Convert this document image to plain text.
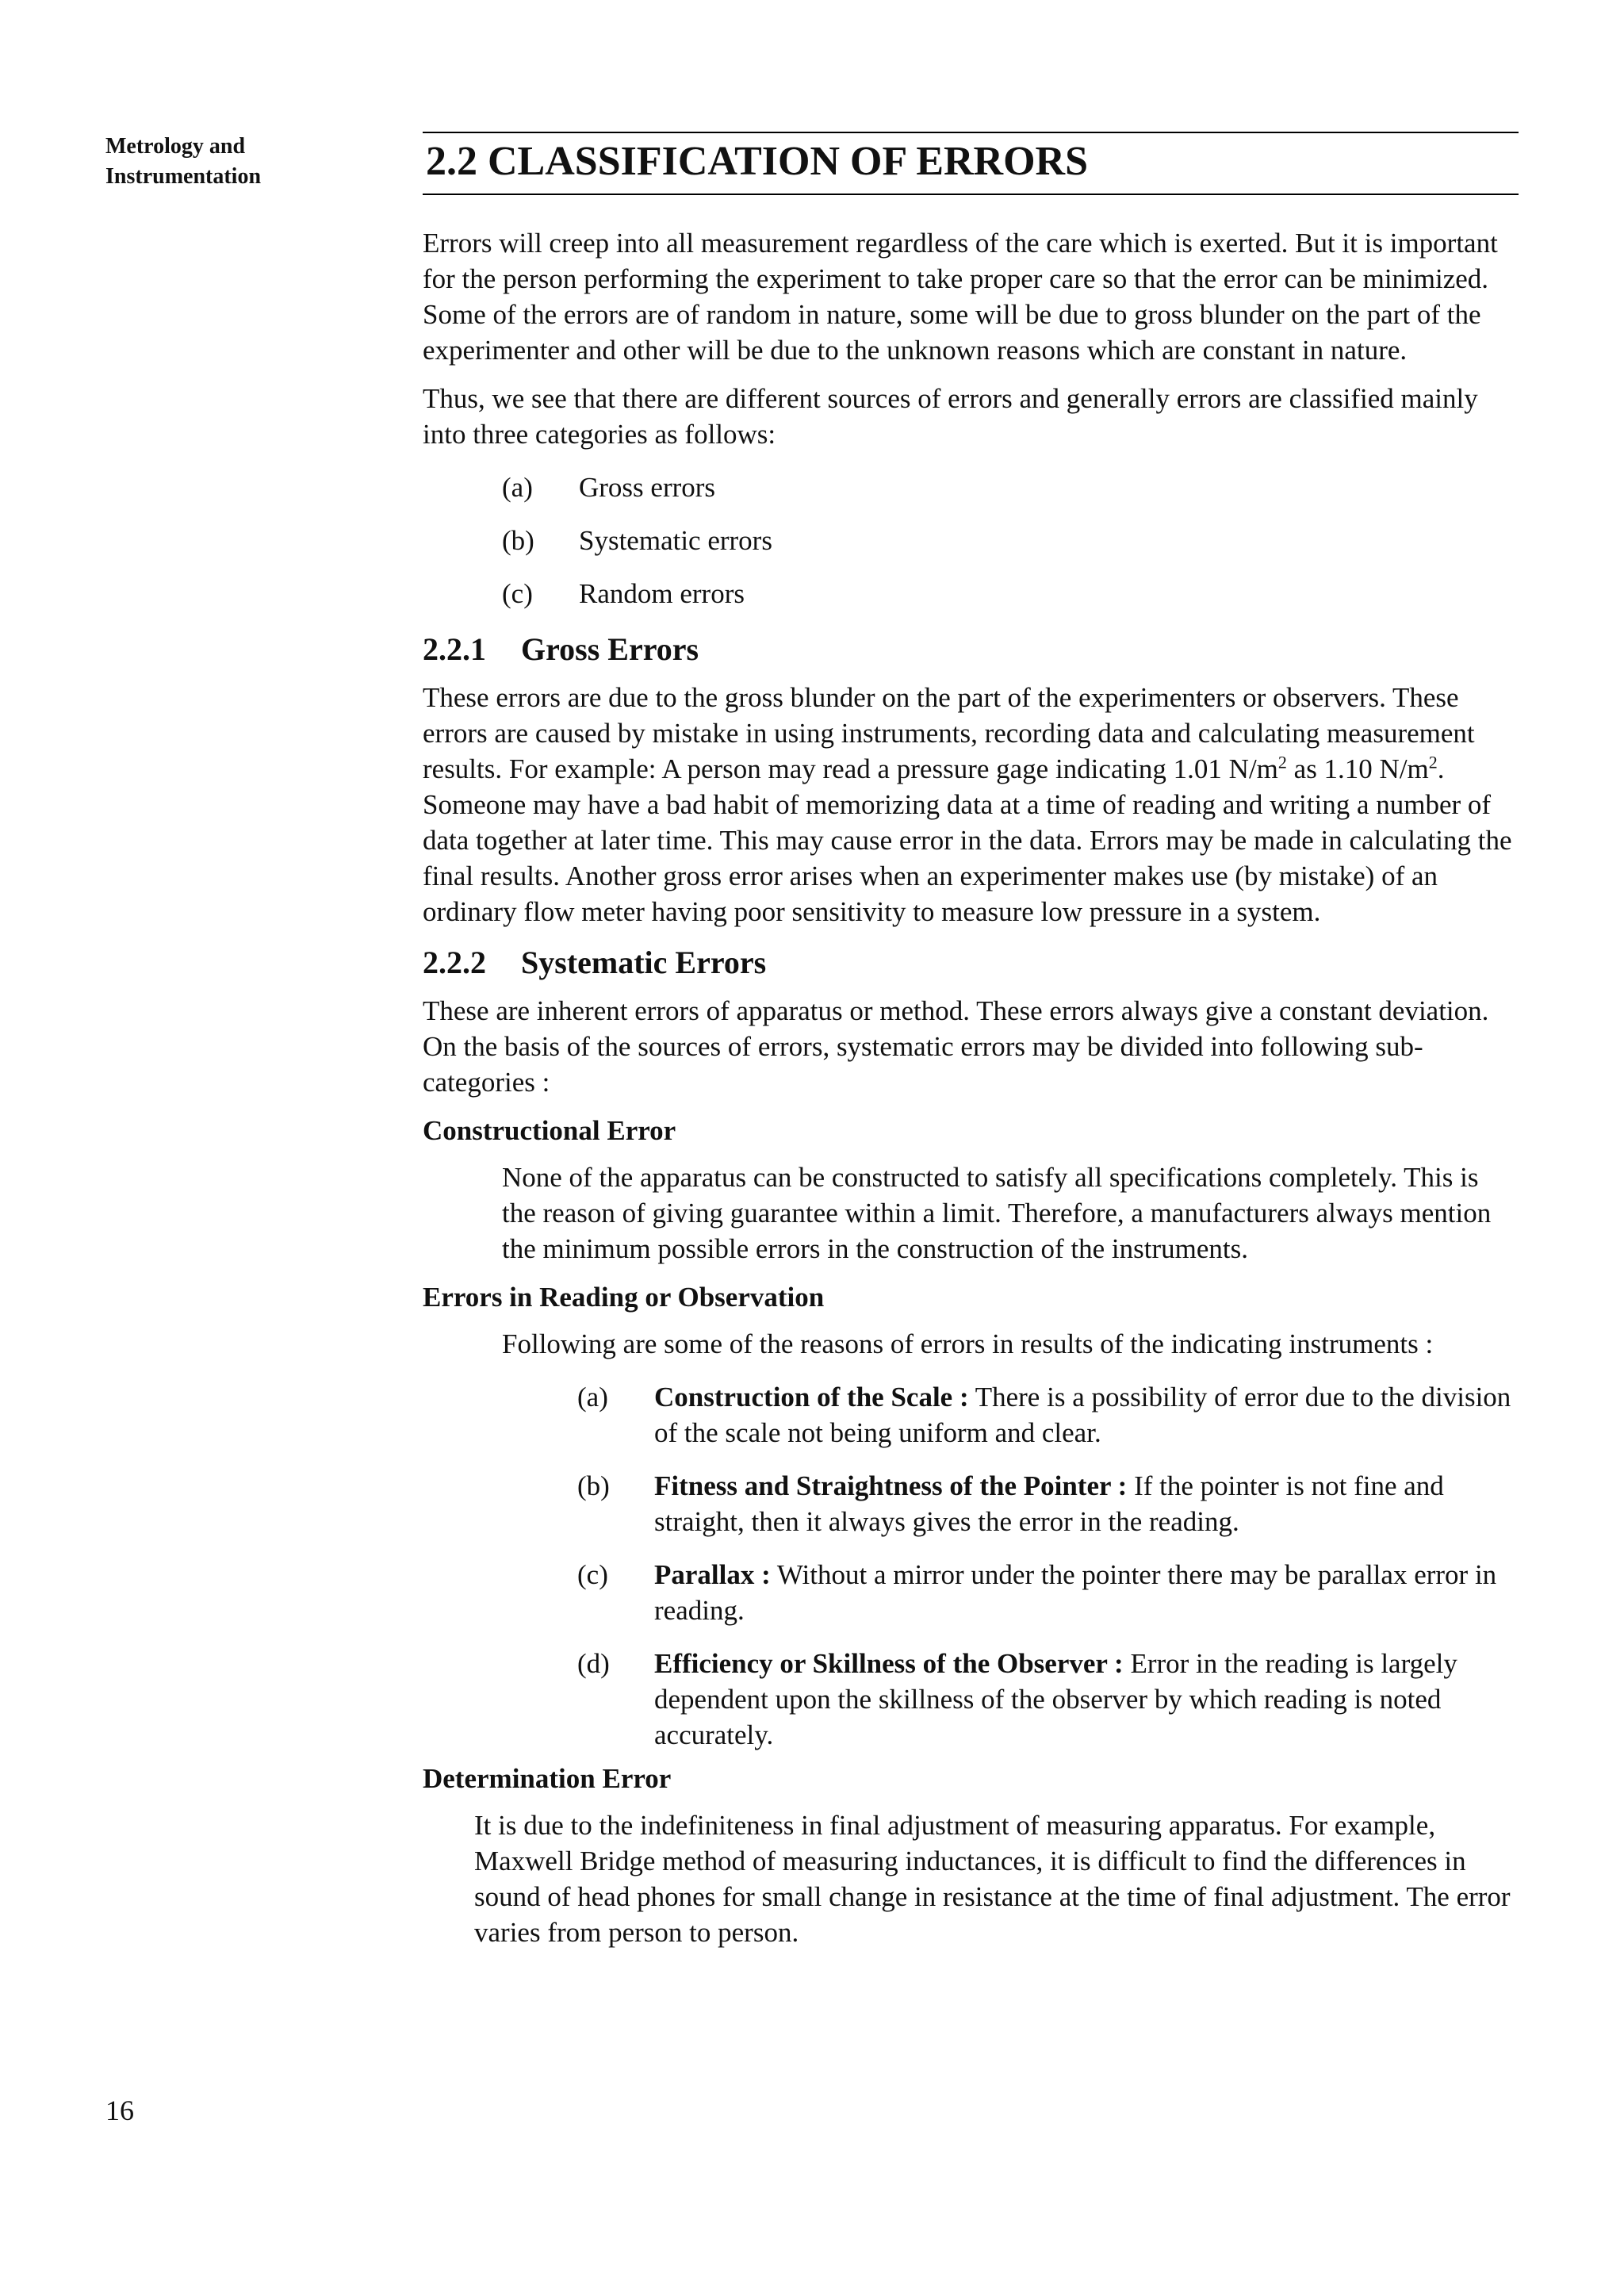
Metrology and
Instrumentation
16
2.2 CLASSIFICATION OF ERRORS

Errors will creep into all measurement regardless of the care which is exerted. But it is important for the person performing the experiment to take proper care so that the error can be minimized. Some of the errors are of random in nature, some will be due to gross blunder on the part of the experimenter and other will be due to the unknown reasons which are constant in nature.

Thus, we see that there are different sources of errors and generally errors are classified mainly into three categories as follows:

(a)	Gross errors
(b)	Systematic errors
(c)	Random errors
2.2.1 Gross Errors

These errors are due to the gross blunder on the part of the experimenters or observers. These errors are caused by mistake in using instruments, recording data and calculating measurement results. For example: A person may read a pressure gage indicating 1.01 $N/m^2$ as 1.10 $N/m^2$. Someone may have a bad habit of memorizing data at a time of reading and writing a number of data together at later time. This may cause error in the data. Errors may be made in calculating the final results. Another gross error arises when an experimenter makes use (by mistake) of an ordinary flow meter having poor sensitivity to measure low pressure in a system.

2.2.2 Systematic Errors

These are inherent errors of apparatus or method. These errors always give a constant deviation. On the basis of the sources of errors, systematic errors may be divided into following sub-categories :

Constructional Error

None of the apparatus can be constructed to satisfy all specifications completely. This is the reason of giving guarantee within a limit. Therefore, a manufacturers always mention the minimum possible errors in the construction of the instruments.

Errors in Reading or Observation

Following are some of the reasons of errors in results of the indicating instruments :

(a)	Construction of the Scale : There is a possibility of error due to the division of the scale not being uniform and clear.
(b)	Fitness and Straightness of the Pointer : If the pointer is not fine and straight, then it always gives the error in the reading.
(c)	Parallax : Without a mirror under the pointer there may be parallax error in reading.
(d)	Efficiency or Skillness of the Observer : Error in the reading is largely dependent upon the skillness of the observer by which reading is noted accurately.
Determination Error

It is due to the indefiniteness in final adjustment of measuring apparatus. For example, Maxwell Bridge method of measuring inductances, it is difficult to find the differences in sound of head phones for small change in resistance at the time of final adjustment. The error varies from person to person.
